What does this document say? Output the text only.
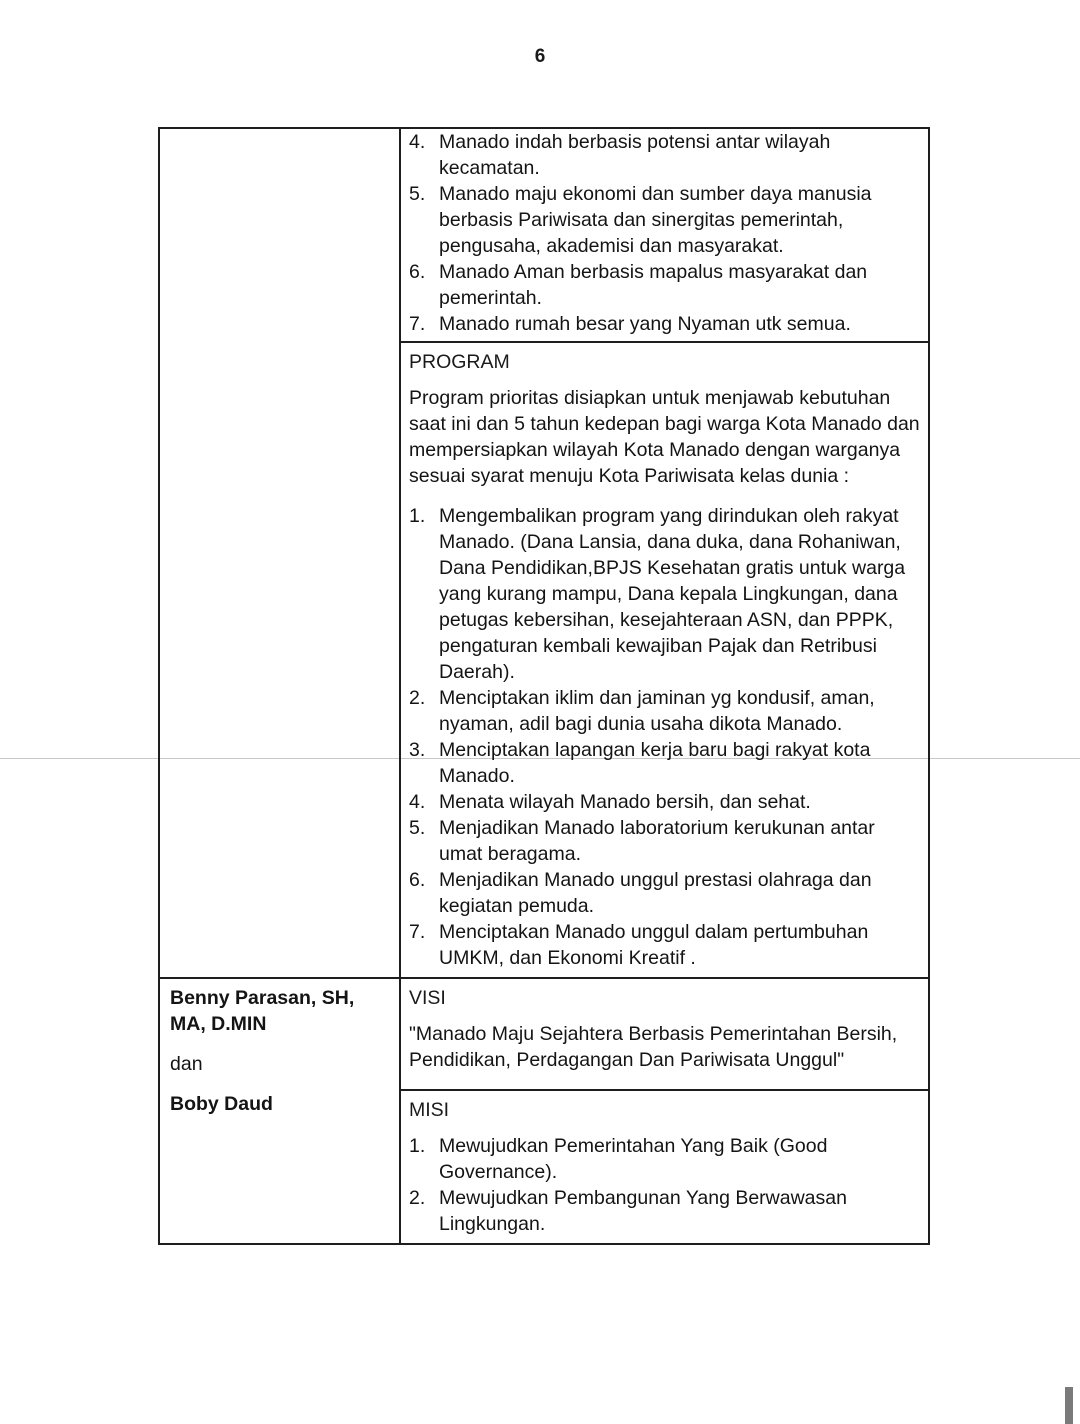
6
4. Manado indah berbasis potensi antar wilayah kecamatan.
5. Manado maju ekonomi dan sumber daya manusia berbasis Pariwisata dan sinergitas pemerintah, pengusaha, akademisi dan masyarakat.
6. Manado Aman berbasis mapalus masyarakat dan pemerintah.
7. Manado rumah besar yang Nyaman utk semua.
PROGRAM
Program prioritas disiapkan untuk menjawab kebutuhan saat ini dan 5 tahun kedepan bagi warga Kota Manado dan mempersiapkan wilayah Kota Manado dengan warganya sesuai syarat menuju Kota Pariwisata kelas dunia :
1. Mengembalikan program yang dirindukan oleh rakyat Manado. (Dana Lansia, dana duka, dana Rohaniwan, Dana Pendidikan,BPJS Kesehatan gratis untuk warga yang kurang mampu, Dana kepala Lingkungan, dana petugas kebersihan, kesejahteraan ASN, dan PPPK, pengaturan kembali kewajiban Pajak dan Retribusi Daerah).
2. Menciptakan iklim dan jaminan yg kondusif, aman, nyaman, adil bagi dunia usaha dikota Manado.
3. Menciptakan lapangan kerja baru bagi rakyat kota Manado.
4. Menata wilayah Manado bersih, dan sehat.
5. Menjadikan Manado laboratorium kerukunan antar umat beragama.
6. Menjadikan Manado unggul prestasi olahraga dan kegiatan pemuda.
7. Menciptakan Manado unggul dalam pertumbuhan UMKM, dan Ekonomi Kreatif .
Benny Parasan, SH, MA, D.MIN
dan
Boby Daud
VISI
"Manado Maju Sejahtera Berbasis Pemerintahan Bersih, Pendidikan, Perdagangan Dan Pariwisata Unggul"
MISI
1. Mewujudkan Pemerintahan Yang Baik (Good Governance).
2. Mewujudkan Pembangunan Yang Berwawasan Lingkungan.
